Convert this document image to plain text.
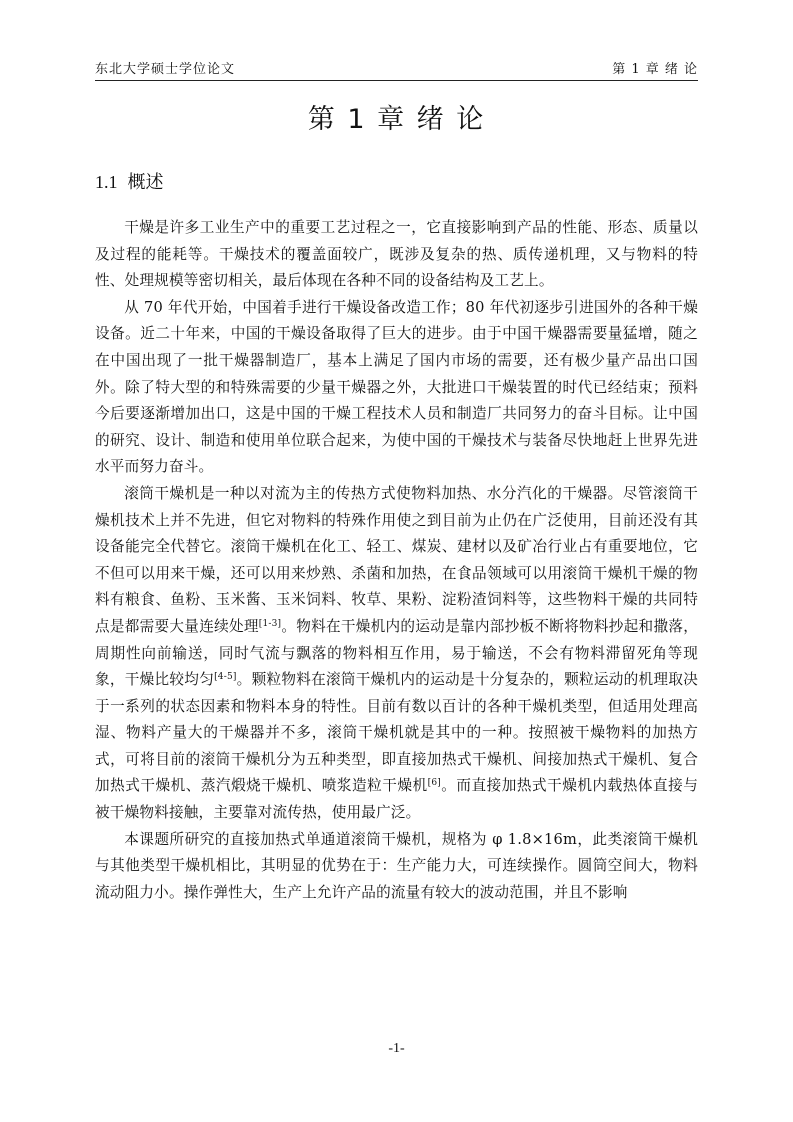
东北大学硕士学位论文	第 1 章 绪 论
第 1 章 绪 论
1.1 概述

干燥是许多工业生产中的重要工艺过程之一，它直接影响到产品的性能、形态、质量以及过程的能耗等。干燥技术的覆盖面较广，既涉及复杂的热、质传递机理，又与物料的特性、处理规模等密切相关，最后体现在各种不同的设备结构及工艺上。

从 70 年代开始，中国着手进行干燥设备改造工作；80 年代初逐步引进国外的各种干燥设备。近二十年来，中国的干燥设备取得了巨大的进步。由于中国干燥器需要量猛增，随之在中国出现了一批干燥器制造厂，基本上满足了国内市场的需要，还有极少量产品出口国外。除了特大型的和特殊需要的少量干燥器之外，大批进口干燥装置的时代已经结束；预料今后要逐渐增加出口，这是中国的干燥工程技术人员和制造厂共同努力的奋斗目标。让中国的研究、设计、制造和使用单位联合起来，为使中国的干燥技术与装备尽快地赶上世界先进水平而努力奋斗。

滚筒干燥机是一种以对流为主的传热方式使物料加热、水分汽化的干燥器。尽管滚筒干燥机技术上并不先进，但它对物料的特殊作用使之到目前为止仍在广泛使用，目前还没有其设备能完全代替它。滚筒干燥机在化工、轻工、煤炭、建材以及矿冶行业占有重要地位，它不但可以用来干燥，还可以用来炒熟、杀菌和加热，在食品领域可以用滚筒干燥机干燥的物料有粮食、鱼粉、玉米酱、玉米饲料、牧草、果粉、淀粉渣饲料等，这些物料干燥的共同特点是都需要大量连续处理[1-3]。物料在干燥机内的运动是靠内部抄板不断将物料抄起和撒落，周期性向前输送，同时气流与飘落的物料相互作用，易于输送，不会有物料滞留死角等现象，干燥比较均匀[4-5]。颗粒物料在滚筒干燥机内的运动是十分复杂的，颗粒运动的机理取决于一系列的状态因素和物料本身的特性。目前有数以百计的各种干燥机类型，但适用处理高湿、物料产量大的干燥器并不多，滚筒干燥机就是其中的一种。按照被干燥物料的加热方式，可将目前的滚筒干燥机分为五种类型，即直接加热式干燥机、间接加热式干燥机、复合加热式干燥机、蒸汽煅烧干燥机、喷浆造粒干燥机[6]。而直接加热式干燥机内载热体直接与被干燥物料接触，主要靠对流传热，使用最广泛。

本课题所研究的直接加热式单通道滚筒干燥机，规格为 φ 1.8×16m，此类滚筒干燥机与其他类型干燥机相比，其明显的优势在于：生产能力大，可连续操作。圆筒空间大，物料流动阻力小。操作弹性大，生产上允许产品的流量有较大的波动范围，并且不影响

-1-
